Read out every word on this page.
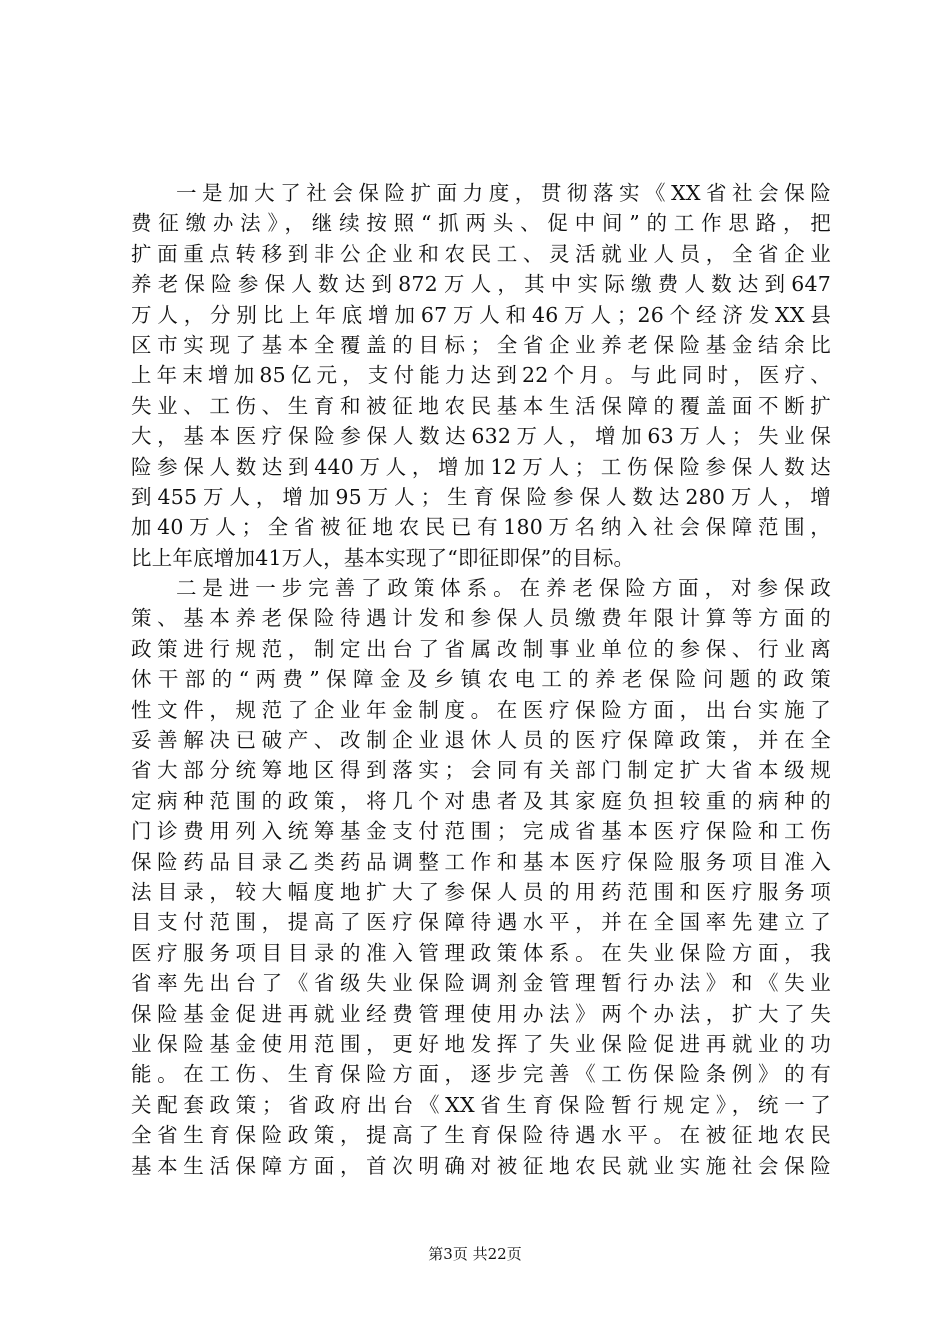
一是加大了社会保险扩面力度，贯彻落实《XX省社会保险
费征缴办法》，继续按照“抓两头、促中间”的工作思路，把
扩面重点转移到非公企业和农民工、灵活就业人员，全省企业
养老保险参保人数达到872万人，其中实际缴费人数达到647
万人，分别比上年底增加67万人和46万人；26个经济发XX县
区市实现了基本全覆盖的目标；全省企业养老保险基金结余比
上年末增加85亿元，支付能力达到22个月。与此同时，医疗、
失业、工伤、生育和被征地农民基本生活保障的覆盖面不断扩
大，基本医疗保险参保人数达632万人，增加63万人；失业保
险参保人数达到440万人，增加12万人；工伤保险参保人数达
到455万人，增加95万人；生育保险参保人数达280万人，增
加40万人；全省被征地农民已有180万名纳入社会保障范围，
比上年底增加41万人，基本实现了“即征即保”的目标。
二是进一步完善了政策体系。在养老保险方面，对参保政
策、基本养老保险待遇计发和参保人员缴费年限计算等方面的
政策进行规范，制定出台了省属改制事业单位的参保、行业离
休干部的“两费”保障金及乡镇农电工的养老保险问题的政策
性文件，规范了企业年金制度。在医疗保险方面，出台实施了
妥善解决已破产、改制企业退休人员的医疗保障政策，并在全
省大部分统筹地区得到落实；会同有关部门制定扩大省本级规
定病种范围的政策，将几个对患者及其家庭负担较重的病种的
门诊费用列入统筹基金支付范围；完成省基本医疗保险和工伤
保险药品目录乙类药品调整工作和基本医疗保险服务项目准入
法目录，较大幅度地扩大了参保人员的用药范围和医疗服务项
目支付范围，提高了医疗保障待遇水平，并在全国率先建立了
医疗服务项目目录的准入管理政策体系。在失业保险方面，我
省率先出台了《省级失业保险调剂金管理暂行办法》和《失业
保险基金促进再就业经费管理使用办法》两个办法，扩大了失
业保险基金使用范围，更好地发挥了失业保险促进再就业的功
能。在工伤、生育保险方面，逐步完善《工伤保险条例》的有
关配套政策；省政府出台《XX省生育保险暂行规定》，统一了
全省生育保险政策，提高了生育保险待遇水平。在被征地农民
基本生活保障方面，首次明确对被征地农民就业实施社会保险
第3页 共22页
